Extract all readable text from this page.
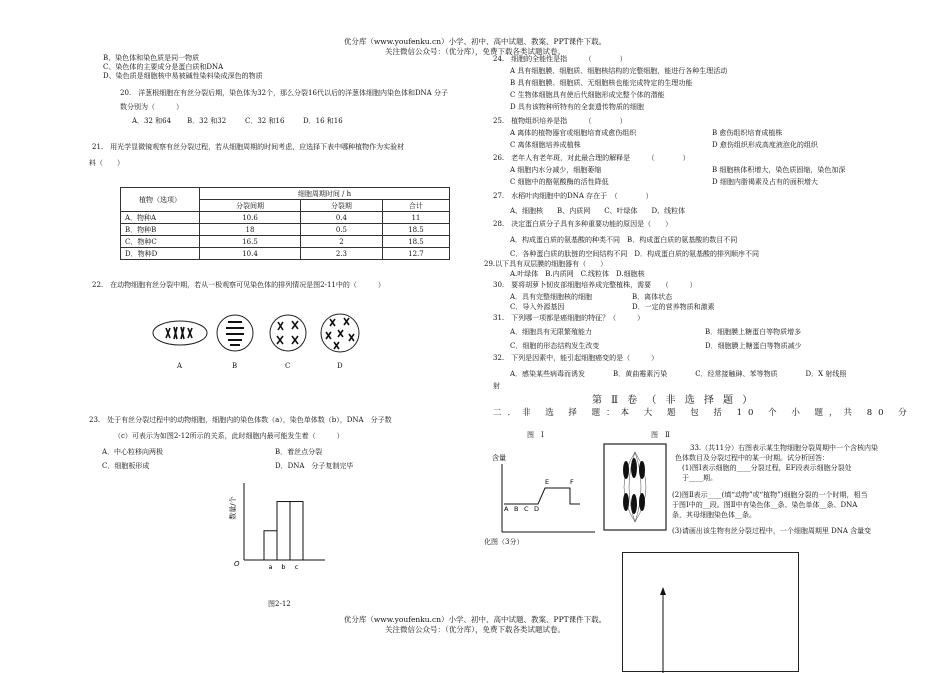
优分库（www.youfenku.cn）小学、初中、高中试题、教案、PPT课件下载。
关注微信公众号：（优分库），免费下载各类试题试卷。
B、染色体和染色质是同一物质
C、染色体的主要成分是蛋白质和DNA
D、染色质是细胞核中易被碱性染料染成深色的物质
20.　洋葱根细胞在有丝分裂后期，染色体为32个，那么分裂16代以后的洋葱体细胞内染色体和DNA 分子
数分别为（　　　）
A．32 和64 B．32 和32	C．32 和16	D．16 和16
21.　用光学显微镜观察有丝分裂过程，若从细胞周期的时间考虑，应选择下表中哪种植物作为实验材
料（　　）
植物（选项）	细胞周期时间 / h		
	分裂间期	分裂期	合计
A．物种A	10.6	0.4	11
B．物种B	18	0.5	18.5
C．物种C	16.5	2	18.5
D．物种D	10.4	2.3	12.7
22.　在动物细胞有丝分裂中期，若从一极观察可见染色体的排列情况是图2-11中的（　　　）
A	B	C	D
23.　处于有丝分裂过程中的动物细胞，细胞内的染色体数（a），染色单体数（b），DNA　分子数
（c）可表示为如图2-12所示的关系，此时细胞内最可能发生着（　　　）
A．中心粒移向两极	B．着丝点分裂
C．细胞板形成	D．DNA　分子复制完毕
数量/个
O	a b c
图2-12
24.　细胞的全能性是指　　　（　　　　）
A 具有细胞膜、细胞质、细胞核结构的完整细胞，能进行各种生理活动
B 具有细胞膜、细胞质、无细胞核也能完成特定的生理功能
C 生物体细胞具有使后代细胞形成完整个体的潜能
D 具有该物种所特有的全套遗传物质的细胞
25.　植物组织培养是指　　　（　　　　）
A 离体的植物器官或细胞培育成愈伤组织	B 愈伤组织培育成植株
C 离体细胞培养成植株	D 愈伤组织形成高度液泡化的组织
26.　老年人有老年斑，对此最合理的解释是　　　（　　　　）
A 细胞内水分减少，细胞萎缩	B 细胞核体积增大，染色质固缩，染色加深
C 细胞中的酪氨酸酶的活性降低	D 细胞内脂褐素及占有的面积增大
27.　水稻叶肉细胞中的DNA 存在于　（　　　　）
A、细胞核　　B、内质网　　C、叶绿体　　D、线粒体
28.　决定蛋白质分子具有多种重要功能的原因是（　　）
A．构成蛋白质的氨基酸的种类不同　B．构成蛋白质的氨基酸的数目不同
C．各种蛋白质的肽链的空间结构不同　D．构成蛋白质的氨基酸的排列顺序不同
29.以下具有双层膜的细胞器有（　　）
A.叶绿体　B.内质网　C.线粒体　D.细胞核
30.　要将胡萝卜韧皮部细胞培养成完整植株，需要　　（　　　）
A．具有完整细胞核的细胞	B．离体状态
C．导入外源基因	D．一定的营养物质和激素
31.　下列哪一项都是癌细胞的特征？（　　　）
A．细胞具有无限繁殖能力	B．细胞膜上糖蛋白等物质增多
C．细胞的形态结构发生改变	D．细胞膜上糖蛋白等物质减少
32.　下列是因素中，能引起细胞癌变的是（　　　）
A．感染某些病毒而诱发　　　　B．黄曲霉素污染　　　　C．经常接触砷、苯等物质　　　　D．X 射线照
射
第 Ⅱ 卷 （ 非 选 择 题 ）
二．非 选 择 题：本 大 题 包 括 10 个 小 题，共 80 分
图　Ⅰ	图　Ⅱ
含量
A B C D
E	F
33.（共11分）右图表示某生物细胞分裂周期中一个含核内染
色体数目及分裂过程中的某一时期。试分析回答：
(1)图Ⅰ表示细胞的____分裂过程，EF段表示细胞分裂处
于____期。
(2)图Ⅱ表示____(填“动物”或“植物”)细胞分裂的一个时期，相当
于图Ⅰ中的__段。图Ⅱ中有染色体__条、染色单体__条、DNA
条，其母细胞染色体__条。
(3)请画出该生物有丝分裂过程中，一个细胞周期里 DNA 含量变
化图（3分）
优分库（www.youfenku.cn）小学、初中、高中试题、教案、PPT课件下载。
关注微信公众号：（优分库），免费下载各类试题试卷。
